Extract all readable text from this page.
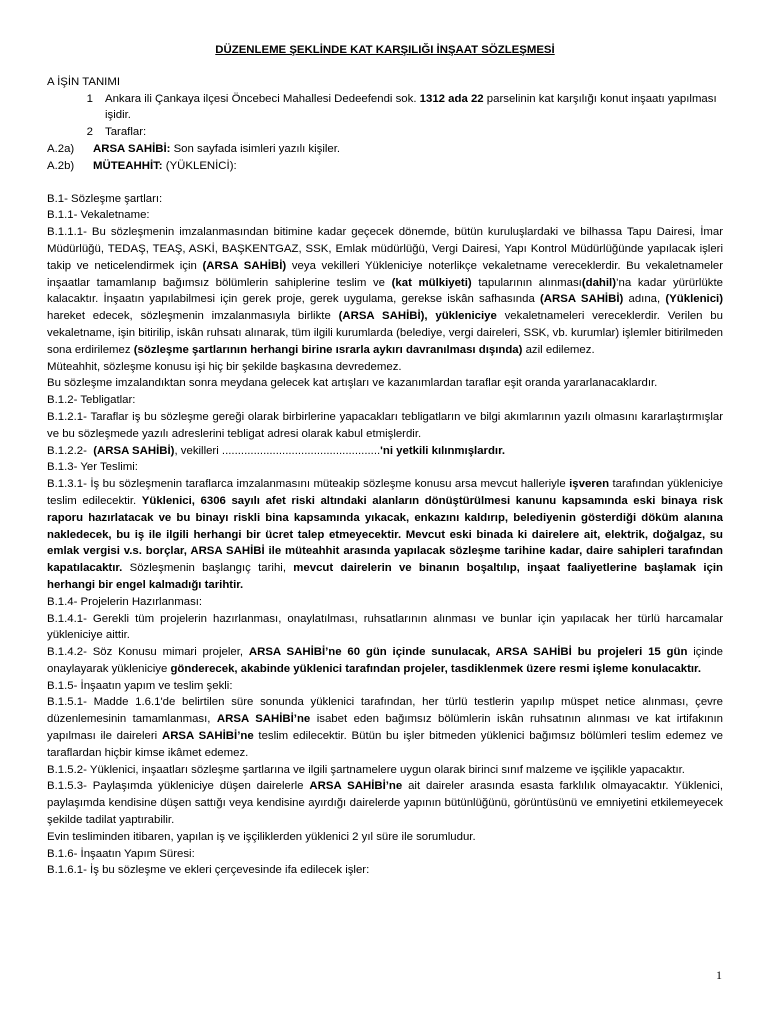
DÜZENLEME ŞEKLİNDE KAT KARŞILIĞI İNŞAAT SÖZLEŞMESİ
A İŞİN TANIMI
1	Ankara ili Çankaya ilçesi Öncebeci Mahallesi Dedeefendi sok. 1312 ada 22 parselinin kat karşılığı konut inşaatı yapılması işidir.
2	Taraflar:
A.2a) ARSA SAHİBİ: Son sayfada isimleri yazılı kişiler.
A.2b) MÜTEAHHİT: (YÜKLENİCİ):
B.1- Sözleşme şartları:
B.1.1- Vekaletname:
B.1.1.1- Bu sözleşmenin imzalanmasından bitimine kadar geçecek dönemde, bütün kuruluşlardaki ve bilhassa Tapu Dairesi, İmar Müdürlüğü, TEDAŞ, TEAŞ, ASKİ, BAŞKENTGAZ, SSK, Emlak müdürlüğü, Vergi Dairesi, Yapı Kontrol Müdürlüğünde yapılacak işleri takip ve neticelendirmek için (ARSA SAHİBİ) veya vekilleri Yükleniciye noterlikçe vekaletname vereceklerdir. Bu vekaletnameler inşaatlar tamamlanıp bağımsız bölümlerin sahiplerine teslim ve (kat mülkiyeti) tapularının alınması(dahil)’na kadar yürürlükte kalacaktır. İnşaatın yapılabilmesi için gerek proje, gerek uygulama, gerekse iskân safhasında (ARSA SAHİBİ) adına, (Yüklenici) hareket edecek, sözleşmenin imzalanmasıyla birlikte (ARSA SAHİBİ), yükleniciye vekaletnameleri vereceklerdir. Verilen bu vekaletname, işin bitirilip, iskân ruhsatı alınarak, tüm ilgili kurumlarda (belediye, vergi daireleri, SSK, vb. kurumlar) işlemler bitirilmeden sona erdirilemez (sözleşme şartlarının herhangi birine ısrarla aykırı davranılması dışında) azil edilemez.
Müteahhit, sözleşme konusu işi hiç bir şekilde başkasına devredemez.
Bu sözleşme imzalandıktan sonra meydana gelecek kat artışları ve kazanımlardan taraflar eşit oranda yararlanacaklardır.
B.1.2- Tebligatlar:
B.1.2.1- Taraflar iş bu sözleşme gereği olarak birbirlerine yapacakları tebligatların ve bilgi akımlarının yazılı olmasını kararlaştırmışlar ve bu sözleşmede yazılı adreslerini tebligat adresi olarak kabul etmişlerdir.
B.1.2.2- (ARSA SAHİBİ), vekilleri ..................................................'ni yetkili kılınmışlardır.
B.1.3- Yer Teslimi:
B.1.3.1- İş bu sözleşmenin taraflarca imzalanmasını müteakip sözleşme konusu arsa mevcut halleriyle işveren tarafından yükleniciye teslim edilecektir. Yüklenici, 6306 sayılı afet riski altındaki alanların dönüştürülmesi kanunu kapsamında eski binaya risk raporu hazırlatacak ve bu binayı riskli bina kapsamında yıkacak, enkazını kaldırıp, belediyenin gösterdiği döküm alanına nakledecek, bu iş ile ilgili herhangi bir ücret talep etmeyecektir. Mevcut eski binada ki dairelere ait, elektrik, doğalgaz, su emlak vergisi v.s. borçlar, ARSA SAHİBİ ile müteahhit arasında yapılacak sözleşme tarihine kadar, daire sahipleri tarafından kapatılacaktır. Sözleşmenin başlangıç tarihi, mevcut dairelerin ve binanın boşaltılıp, inşaat faaliyetlerine başlamak için herhangi bir engel kalmadığı tarihtir.
B.1.4- Projelerin Hazırlanması:
B.1.4.1- Gerekli tüm projelerin hazırlanması, onaylatılması, ruhsatlarının alınması ve bunlar için yapılacak her türlü harcamalar yükleniciye aittir.
B.1.4.2- Söz Konusu mimari projeler, ARSA SAHİBİ’ne 60 gün içinde sunulacak, ARSA SAHİBİ bu projeleri 15 gün içinde onaylayarak yükleniciye gönderecek, akabinde yüklenici tarafından projeler, tasdiklenmek üzere resmi işleme konulacaktır.
B.1.5- İnşaatın yapım ve teslim şekli:
B.1.5.1- Madde 1.6.1'de belirtilen süre sonunda yüklenici tarafından, her türlü testlerin yapılıp müspet netice alınması, çevre düzenlemesinin tamamlanması, ARSA SAHİBİ’ne isabet eden bağımsız bölümlerin iskân ruhsatının alınması ve kat irtifakının yapılması ile daireleri ARSA SAHİBİ’ne teslim edilecektir. Bütün bu işler bitmeden yüklenici bağımsız bölümleri teslim edemez ve taraflardan hiçbir kimse ikâmet edemez.
B.1.5.2- Yüklenici, inşaatları sözleşme şartlarına ve ilgili şartnamelere uygun olarak birinci sınıf malzeme ve işçilikle yapacaktır.
B.1.5.3- Paylaşımda yükleniciye düşen dairelerle ARSA SAHİBİ’ne ait daireler arasında esasta farklılık olmayacaktır. Yüklenici, paylaşımda kendisine düşen sattığı veya kendisine ayırdığı dairelerde yapının bütünlüğünü, görüntüsünü ve emniyetini etkilemeyecek şekilde tadilat yaptırabilir.
Evin tesliminden itibaren, yapılan iş ve işçiliklerden yüklenici 2 yıl süre ile sorumludur.
B.1.6- İnşaatın Yapım Süresi:
B.1.6.1- İş bu sözleşme ve ekleri çerçevesinde ifa edilecek işler:
1
